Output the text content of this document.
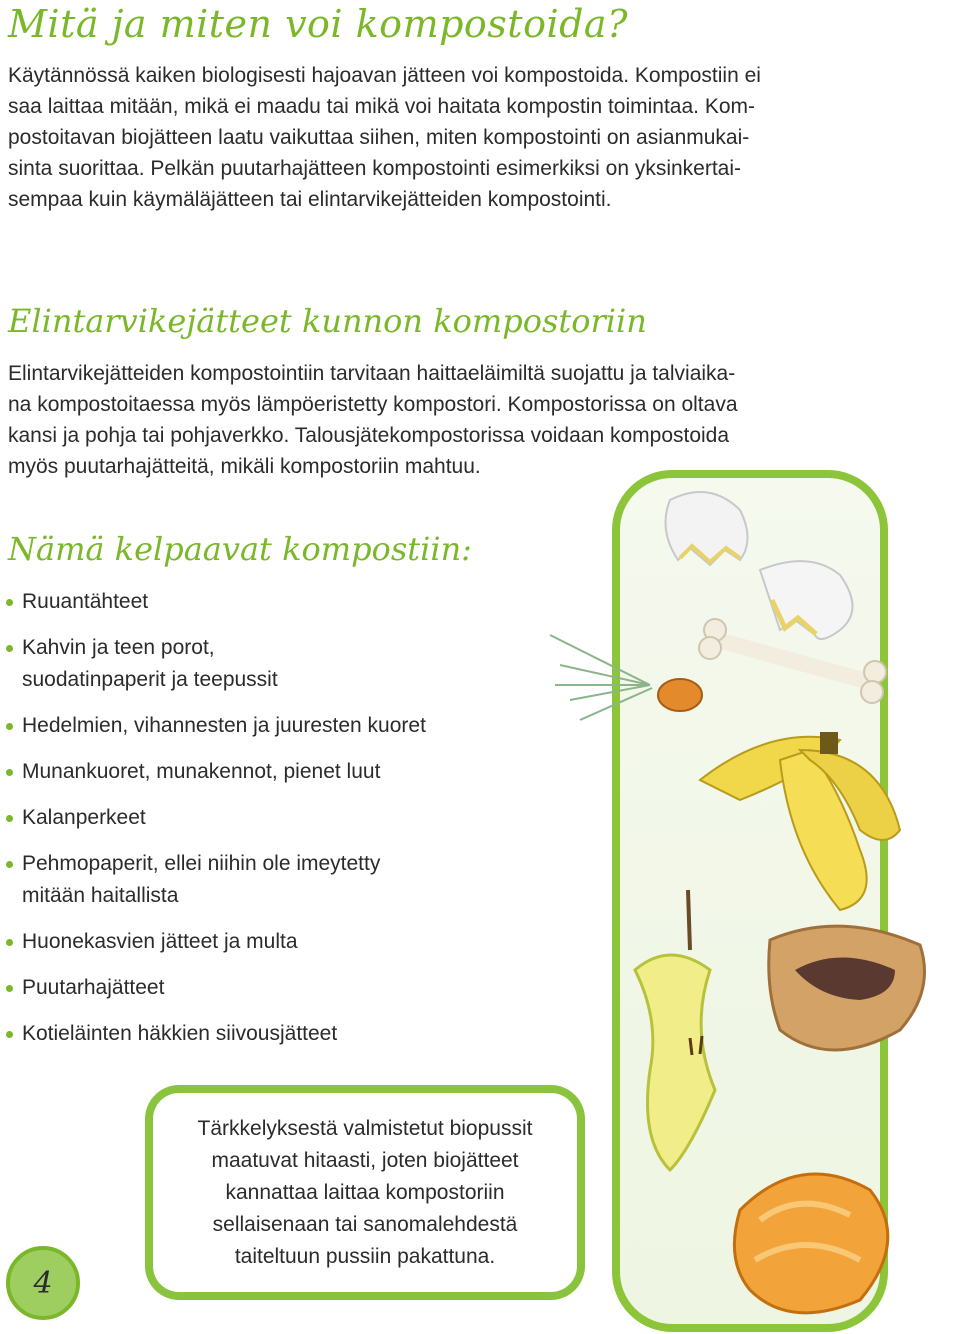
Mitä ja miten voi kompostoida?
Käytännössä kaiken biologisesti hajoavan jätteen voi kompostoida. Kompostiin ei
saa laittaa mitään, mikä ei maadu tai mikä voi haitata kompostin toimintaa. Kom-
postoitavan biojätteen laatu vaikuttaa siihen, miten kompostointi on asianmukai-
sinta suorittaa. Pelkän puutarhajätteen kompostointi esimerkiksi on yksinkertai-
sempaa kuin käymäläjätteen tai elintarvikejätteiden kompostointi.
Elintarvikejätteet kunnon kompostoriin
Elintarvikejätteiden kompostointiin tarvitaan haittaeläimiltä suojattu ja talviaika-
na kompostoitaessa myös lämpöeristetty kompostori. Kompostorissa on oltava
kansi ja pohja tai pohjaverkko. Talousjätekompostorissa voidaan kompostoida
myös puutarhajätteitä, mikäli kompostoriin mahtuu.
Nämä kelpaavat kompostiin:
Ruuantähteet
Kahvin ja teen porot,
suodatinpaperit ja teepussit
Hedelmien, vihannesten ja juuresten kuoret
Munankuoret, munakennot, pienet luut
Kalanperkeet
Pehmopaperit, ellei niihin ole imeytetty
mitään haitallista
Huonekasvien jätteet ja multa
Puutarhajätteet
Kotieläinten häkkien siivousjätteet
Tärkkelyksestä valmistetut biopussit
maatuvat hitaasti, joten biojätteet
kannattaa laittaa kompostoriin
sellaisenaan tai sanomalehdestä
taiteltuun pussiin pakattuna.
4
